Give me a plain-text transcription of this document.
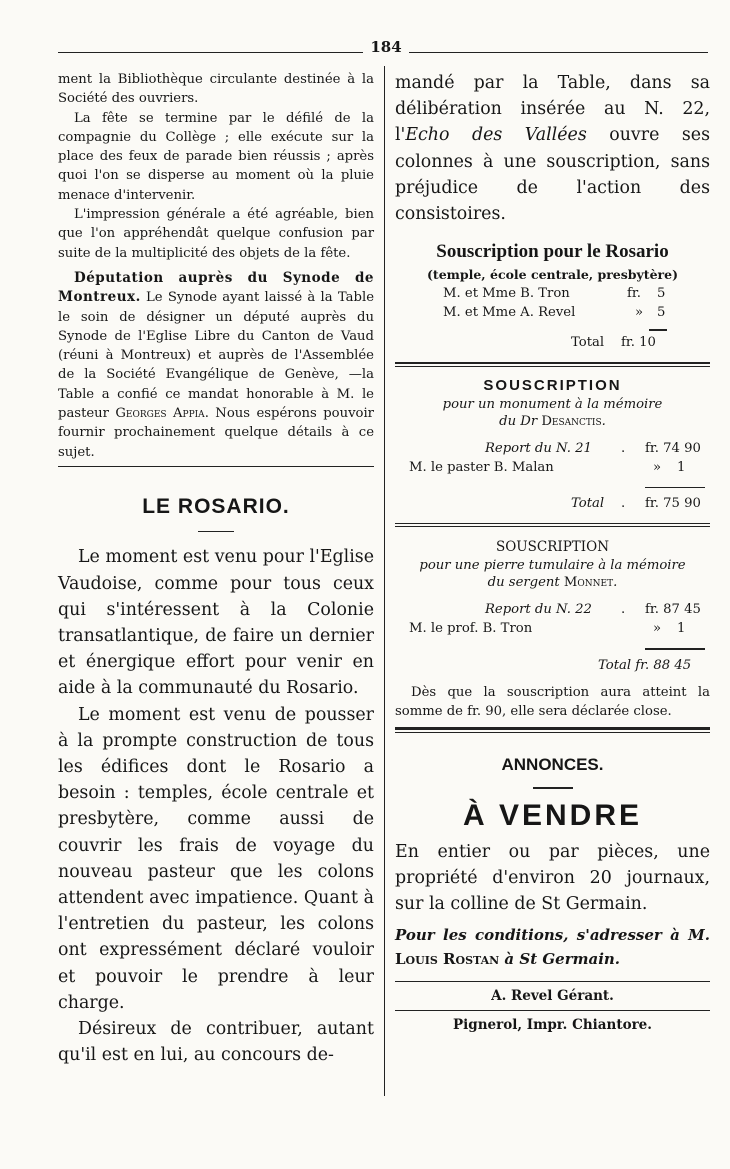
184

ment la Bibliothèque circulante destinée à la Société des ouvriers.

La fête se termine par le défilé de la compagnie du Collège ; elle exécute sur la place des feux de parade bien réussis ; après quoi l'on se disperse au moment où la pluie menace d'intervenir.

L'impression générale a été agréable, bien que l'on appréhendât quelque confusion par suite de la multiplicité des objets de la fête.

Députation auprès du Synode de Montreux. Le Synode ayant laissé à la Table le soin de désigner un député auprès du Synode de l'Eglise Libre du Canton de Vaud (réuni à Montreux) et auprès de l'Assemblée de la Société Evangélique de Genève, —la Table a confié ce mandat honorable à M. le pasteur Georges Appia. Nous espérons pouvoir fournir prochainement quelque détails à ce sujet.

LE ROSARIO.

Le moment est venu pour l'Eglise Vaudoise, comme pour tous ceux qui s'intéressent à la Colonie transatlantique, de faire un dernier et énergique effort pour venir en aide à la communauté du Rosario.

Le moment est venu de pousser à la prompte construction de tous les édifices dont le Rosario a besoin : temples, école centrale et presbytère, comme aussi de couvrir les frais de voyage du nouveau pasteur que les colons attendent avec impatience. Quant à l'entretien du pasteur, les colons ont expressément déclaré vouloir et pouvoir le prendre à leur charge.

Désireux de contribuer, autant qu'il est en lui, au concours de-

mandé par la Table, dans sa délibération insérée au N. 22, l'Echo des Vallées ouvre ses colonnes à une souscription, sans préjudice de l'action des consistoires.

Souscription pour le Rosario
(temple, école centrale, presbytère)
M. et Mme B. Tron	fr. 5
M. et Mme A. Revel	» 5
Total fr. 10
SOUSCRIPTION
pour un monument à la mémoire
du Dr Desanctis.
Report du N. 21 . fr. 74 90
M. le paster B. Malan	» 1
Total . fr. 75 90
SOUSCRIPTION
pour une pierre tumulaire à la mémoire
du sergent Monnet.
Report du N. 22 . fr. 87 45
M. le prof. B. Tron	» 1
Total fr. 88 45

Dès que la souscription aura atteint la somme de fr. 90, elle sera déclarée close.

ANNONCES.
À VENDRE

En entier ou par pièces, une propriété d'environ 20 journaux, sur la colline de St Germain.

Pour les conditions, s'adresser à M. Louis Rostan à St Germain.

A. Revel Gérant.
Pignerol, Impr. Chiantore.
